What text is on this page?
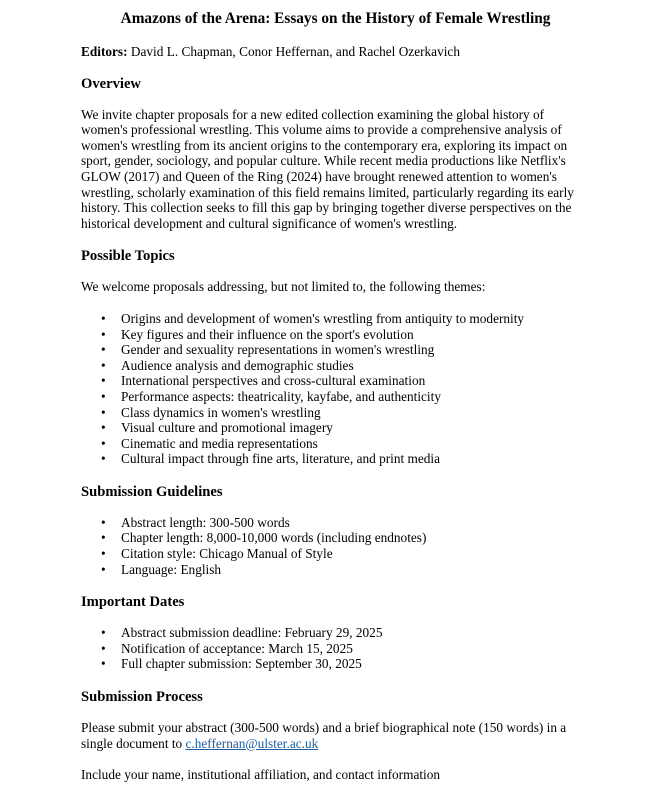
Amazons of the Arena: Essays on the History of Female Wrestling
Editors: David L. Chapman, Conor Heffernan, and Rachel Ozerkavich
Overview

We invite chapter proposals for a new edited collection examining the global history of women's professional wrestling. This volume aims to provide a comprehensive analysis of women's wrestling from its ancient origins to the contemporary era, exploring its impact on sport, gender, sociology, and popular culture. While recent media productions like Netflix's GLOW (2017) and Queen of the Ring (2024) have brought renewed attention to women's wrestling, scholarly examination of this field remains limited, particularly regarding its early history. This collection seeks to fill this gap by bringing together diverse perspectives on the historical development and cultural significance of women's wrestling.

Possible Topics

We welcome proposals addressing, but not limited to, the following themes:

• Origins and development of women's wrestling from antiquity to modernity
• Key figures and their influence on the sport's evolution
• Gender and sexuality representations in women's wrestling
• Audience analysis and demographic studies
• International perspectives and cross-cultural examination
• Performance aspects: theatricality, kayfabe, and authenticity
• Class dynamics in women's wrestling
• Visual culture and promotional imagery
• Cinematic and media representations
• Cultural impact through fine arts, literature, and print media
Submission Guidelines
• Abstract length: 300-500 words
• Chapter length: 8,000-10,000 words (including endnotes)
• Citation style: Chicago Manual of Style
• Language: English
Important Dates
• Abstract submission deadline: February 29, 2025
• Notification of acceptance: March 15, 2025
• Full chapter submission: September 30, 2025
Submission Process

Please submit your abstract (300-500 words) and a brief biographical note (150 words) in a single document to c.heffernan@ulster.ac.uk

Include your name, institutional affiliation, and contact information
